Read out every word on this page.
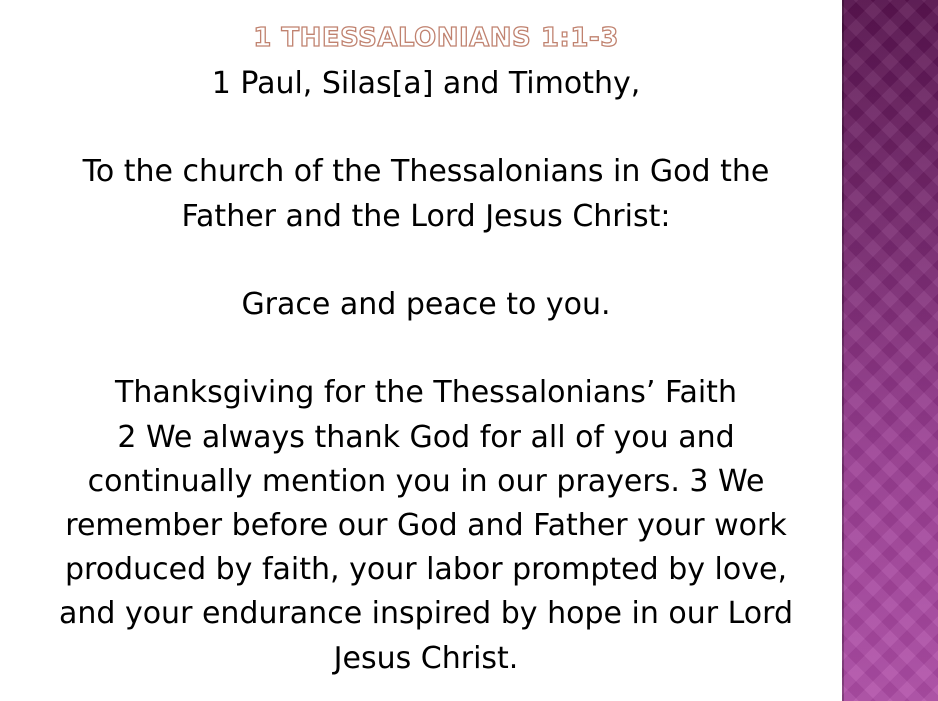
1 THESSALONIANS 1:1-3
1 Paul, Silas[a] and Timothy,
To the church of the Thessalonians in God the
Father and the Lord Jesus Christ:
Grace and peace to you.
Thanksgiving for the Thessalonians’ Faith
2 We always thank God for all of you and
continually mention you in our prayers. 3 We
remember before our God and Father your work
produced by faith, your labor prompted by love,
and your endurance inspired by hope in our Lord
Jesus Christ.
